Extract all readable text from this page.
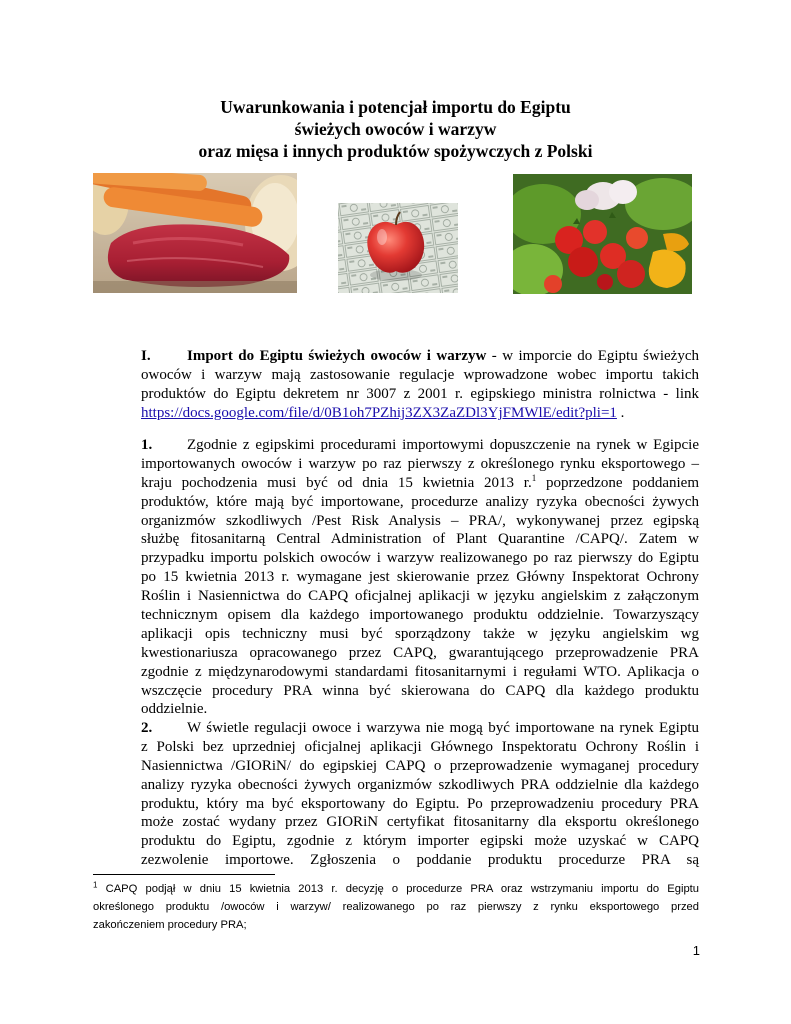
Uwarunkowania i potencjał importu do Egiptu
świeżych owoców i warzyw
oraz mięsa i innych produktów spożywczych z Polski
I. Import do Egiptu świeżych owoców i warzyw - w imporcie do Egiptu świeżych
owoców i warzyw mają zastosowanie regulacje wprowadzone wobec importu takich
produktów do Egiptu dekretem nr 3007 z 2001 r. egipskiego ministra rolnictwa - link
https://docs.google.com/file/d/0B1oh7PZhij3ZX3ZaZDl3YjFMWlE/edit?pli=1 .
1. Zgodnie z egipskimi procedurami importowymi dopuszczenie na rynek w Egipcie
importowanych owoców i warzyw po raz pierwszy z określonego rynku eksportowego –
kraju pochodzenia musi być od dnia 15 kwietnia 2013 r.$^1$ poprzedzone poddaniem
produktów, które mają być importowane, procedurze analizy ryzyka obecności żywych
organizmów szkodliwych /Pest Risk Analysis – PRA/, wykonywanej przez egipską
służbę fitosanitarną Central Administration of Plant Quarantine /CAPQ/. Zatem w
przypadku importu polskich owoców i warzyw realizowanego po raz pierwszy do Egiptu
po 15 kwietnia 2013 r. wymagane jest skierowanie przez Główny Inspektorat Ochrony
Roślin i Nasiennictwa do CAPQ oficjalnej aplikacji w języku angielskim z załączonym
technicznym opisem dla każdego importowanego produktu oddzielnie. Towarzyszący
aplikacji opis techniczny musi być sporządzony także w języku angielskim wg
kwestionariusza opracowanego przez CAPQ, gwarantującego przeprowadzenie PRA
zgodnie z międzynarodowymi standardami fitosanitarnymi i regułami WTO. Aplikacja o
wszczęcie procedury PRA winna być skierowana do CAPQ dla każdego produktu
oddzielnie.
2. W świetle regulacji owoce i warzywa nie mogą być importowane na rynek Egiptu
z Polski bez uprzedniej oficjalnej aplikacji Głównego Inspektoratu Ochrony Roślin i
Nasiennictwa /GIORiN/ do egipskiej CAPQ o przeprowadzenie wymaganej procedury
analizy ryzyka obecności żywych organizmów szkodliwych PRA oddzielnie dla każdego
produktu, który ma być eksportowany do Egiptu. Po przeprowadzeniu procedury PRA
może zostać wydany przez GIORiN certyfikat fitosanitarny dla eksportu określonego
produktu do Egiptu, zgodnie z którym importer egipski może uzyskać w CAPQ
zezwolenie importowe. Zgłoszenia o poddanie produktu procedurze PRA są
$^1$ CAPQ podjął w dniu 15 kwietnia 2013 r. decyzję o procedurze PRA oraz wstrzymaniu importu do Egiptu
określonego produktu /owoców i warzyw/ realizowanego po raz pierwszy z rynku eksportowego przed
zakończeniem procedury PRA;
1
